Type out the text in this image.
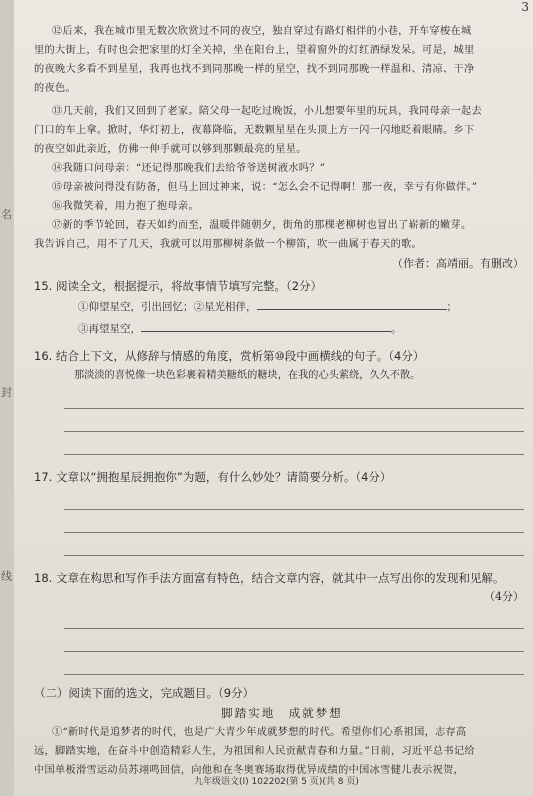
名
封
线
3
⑫后来，我在城市里无数次欣赏过不同的夜空，独自穿过有路灯相伴的小巷，开车穿梭在城
里的大街上，有时也会把家里的灯全关掉，坐在阳台上，望着窗外的灯红酒绿发呆。可是，城里
的夜晚大多看不到星星，我再也找不到同那晚一样的星空，找不到同那晚一样温和、清凉、干净
的夜色。
⑬几天前，我们又回到了老家。陪父母一起吃过晚饭，小儿想要年里的玩具，我同母亲一起去
门口的车上拿。掀时，华灯初上，夜幕降临，无数颗星星在头顶上方一闪一闪地眨着眼睛。乡下
的夜空如此亲近，仿佛一伸手就可以够到那颗最亮的星星。
⑭我随口问母亲：“还记得那晚我们去给爷爷送树液水吗？”
⑮母亲被问得没有防备，但马上回过神来，说：“怎么会不记得啊！那一夜，幸亏有你做伴。”
⑯我微笑着，用力抱了抱母亲。
⑰新的季节轮回，春天如约而至，温暖伴随朝夕，街角的那棵老柳树也冒出了崭新的嫩芽。
我告诉自己，用不了几天，我就可以用那柳树条做一个柳笛，吹一曲属于春天的歌。
（作者：高靖丽。有删改）

15. 阅读全文，根据提示，将故事情节填写完整。（2分）

①仰望星空，引出回忆；②星光相伴，	；
③再望星空，	。

16. 结合上下文，从修辞与情感的角度，赏析第⑩段中画横线的句子。（4分）

那淡淡的喜悦像一块色彩裹着精美糖纸的糖块，在我的心头萦绕，久久不散。

17. 文章以“拥抱星辰拥抱你”为题，有什么妙处？请简要分析。（4分）

18. 文章在构思和写作手法方面富有特色，结合文章内容，就其中一点写出你的发现和见解。

（4分）

（二）阅读下面的选文，完成题目。（9分）

脚踏实地　成就梦想
①“新时代是追梦者的时代，也是广大青少年成就梦想的时代。希望你们心系祖国，志存高
远，脚踏实地，在奋斗中创造精彩人生，为祖国和人民贡献青春和力量。”日前，习近平总书记给
中国单板滑雪运动员苏翊鸣回信，向他和在冬奥赛场取得优异成绩的中国冰雪健儿表示祝贺，
九年级语文(Ⅰ) 102202(第 5 页)(共 8 页)
